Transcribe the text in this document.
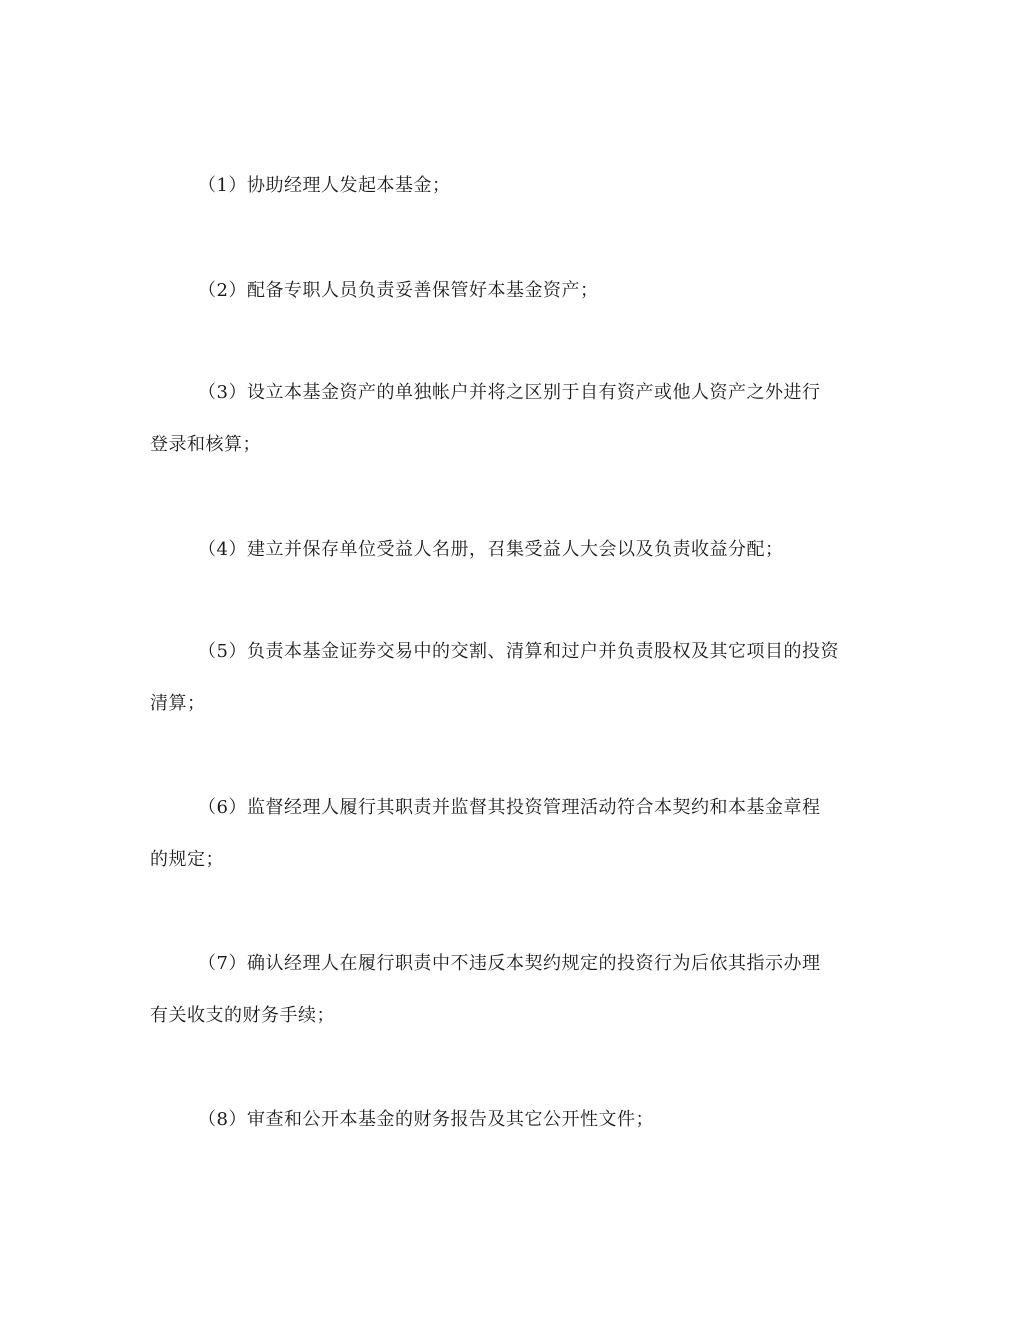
（1）协助经理人发起本基金；
（2）配备专职人员负责妥善保管好本基金资产；
（3）设立本基金资产的单独帐户并将之区别于自有资产或他人资产之外进行
登录和核算；
（4）建立并保存单位受益人名册，召集受益人大会以及负责收益分配；
（5）负责本基金证券交易中的交割、清算和过户并负责股权及其它项目的投资
清算；
（6）监督经理人履行其职责并监督其投资管理活动符合本契约和本基金章程
的规定；
（7）确认经理人在履行职责中不违反本契约规定的投资行为后依其指示办理
有关收支的财务手续；
（8）审查和公开本基金的财务报告及其它公开性文件；
